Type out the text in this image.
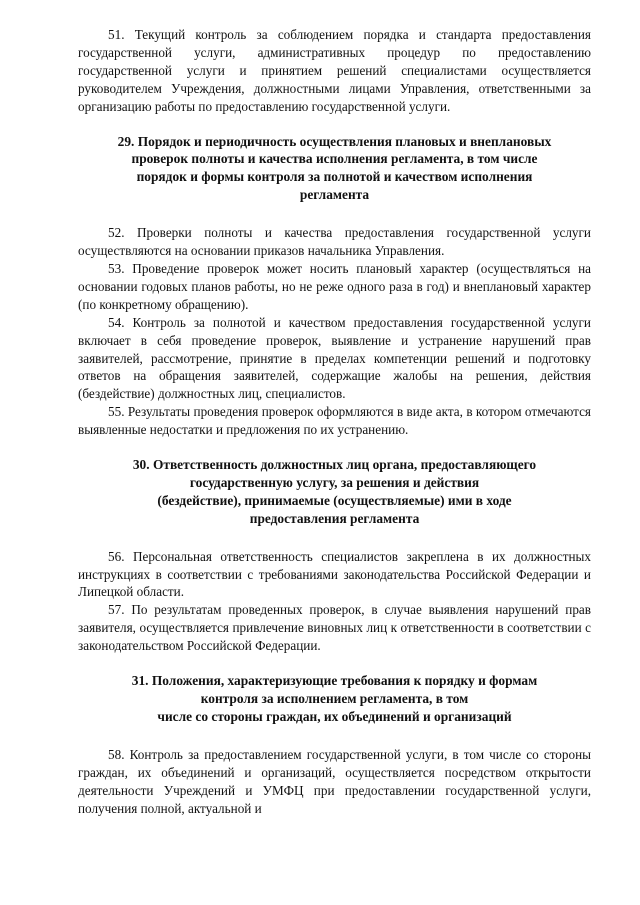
51. Текущий контроль за соблюдением порядка и стандарта предоставления государственной услуги, административных процедур по предоставлению государственной услуги и принятием решений специалистами осуществляется руководителем Учреждения, должностными лицами Управления, ответственными за организацию работы по предоставлению государственной услуги.

29. Порядок и периодичность осуществления плановых и внеплановых
проверок полноты и качества исполнения регламента, в том числе
порядок и формы контроля за полнотой и качеством исполнения
регламента

52. Проверки полноты и качества предоставления государственной услуги осуществляются на основании приказов начальника Управления.

53. Проведение проверок может носить плановый характер (осуществляться на основании годовых планов работы, но не реже одного раза в год) и внеплановый характер (по конкретному обращению).

54. Контроль за полнотой и качеством предоставления государственной услуги включает в себя проведение проверок, выявление и устранение нарушений прав заявителей, рассмотрение, принятие в пределах компетенции решений и подготовку ответов на обращения заявителей, содержащие жалобы на решения, действия (бездействие) должностных лиц, специалистов.

55. Результаты проведения проверок оформляются в виде акта, в котором отмечаются выявленные недостатки и предложения по их устранению.

30. Ответственность должностных лиц органа, предоставляющего
государственную услугу, за решения и действия
(бездействие), принимаемые (осуществляемые) ими в ходе
предоставления регламента

56. Персональная ответственность специалистов закреплена в их должностных инструкциях в соответствии с требованиями законодательства Российской Федерации и Липецкой области.

57. По результатам проведенных проверок, в случае выявления нарушений прав заявителя, осуществляется привлечение виновных лиц к ответственности в соответствии с законодательством Российской Федерации.

31. Положения, характеризующие требования к порядку и формам
контроля за исполнением регламента, в том
числе со стороны граждан, их объединений и организаций

58. Контроль за предоставлением государственной услуги, в том числе со стороны граждан, их объединений и организаций, осуществляется посредством открытости деятельности Учреждений и УМФЦ при предоставлении государственной услуги, получения полной, актуальной и
